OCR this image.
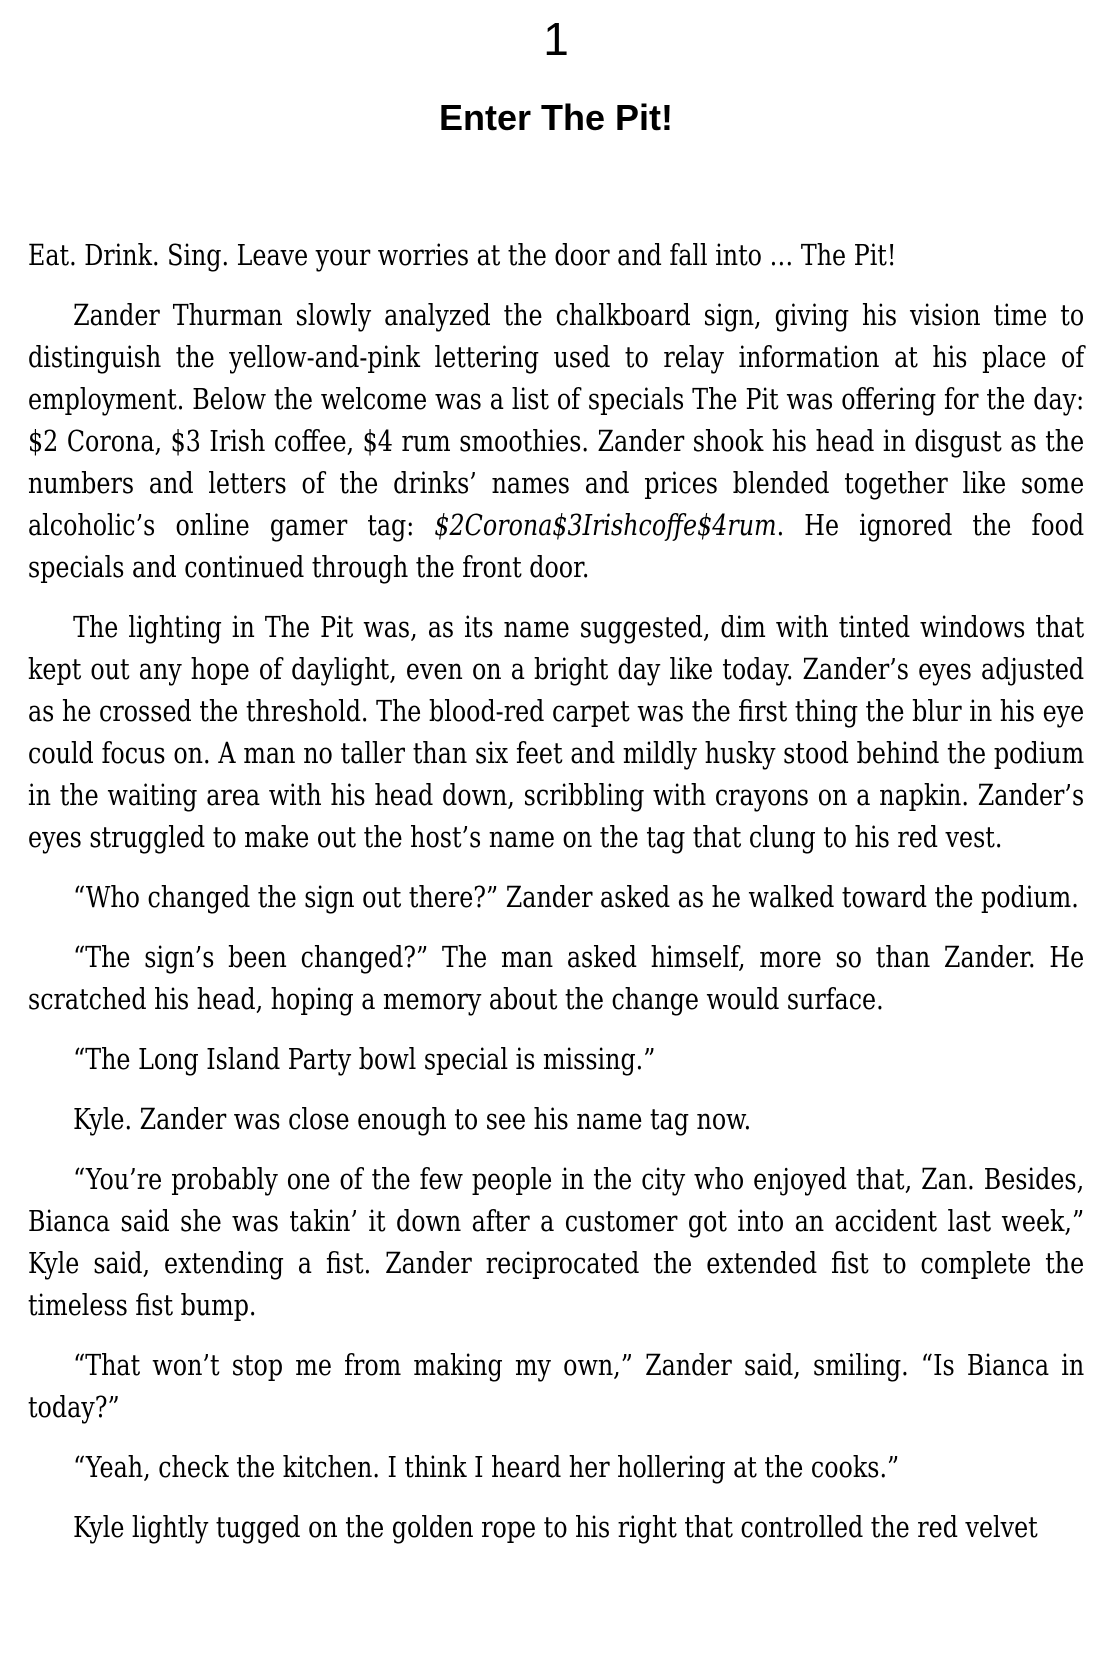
1
Enter The Pit!

Eat. Drink. Sing. Leave your worries at the door and fall into … The Pit!

Zander Thurman slowly analyzed the chalkboard sign, giving his vision time to distinguish the yellow-and-pink lettering used to relay information at his place of employment. Below the welcome was a list of specials The Pit was offering for the day: $2 Corona, $3 Irish coffee, $4 rum smoothies. Zander shook his head in disgust as the numbers and letters of the drinks’ names and prices blended together like some alcoholic’s online gamer tag: $2Corona$3Irishcoffe$4rum. He ignored the food specials and continued through the front door.

The lighting in The Pit was, as its name suggested, dim with tinted windows that kept out any hope of daylight, even on a bright day like today. Zander’s eyes adjusted as he crossed the threshold. The blood-red carpet was the first thing the blur in his eye could focus on. A man no taller than six feet and mildly husky stood behind the podium in the waiting area with his head down, scribbling with crayons on a napkin. Zander’s eyes struggled to make out the host’s name on the tag that clung to his red vest.

“Who changed the sign out there?” Zander asked as he walked toward the podium.

“The sign’s been changed?” The man asked himself, more so than Zander. He scratched his head, hoping a memory about the change would surface.

“The Long Island Party bowl special is missing.”

Kyle. Zander was close enough to see his name tag now.

“You’re probably one of the few people in the city who enjoyed that, Zan. Besides, Bianca said she was takin’ it down after a customer got into an accident last week,” Kyle said, extending a fist. Zander reciprocated the extended fist to complete the timeless fist bump.

“That won’t stop me from making my own,” Zander said, smiling. “Is Bianca in today?”

“Yeah, check the kitchen. I think I heard her hollering at the cooks.”

Kyle lightly tugged on the golden rope to his right that controlled the red velvet
